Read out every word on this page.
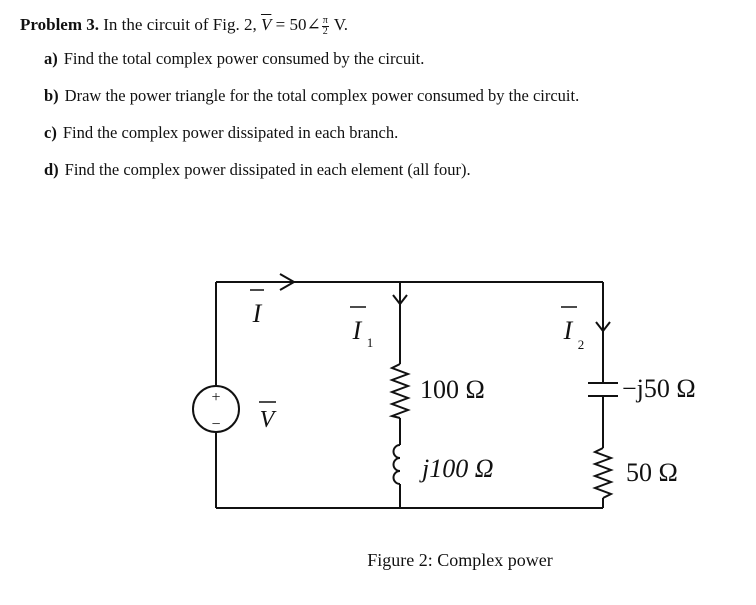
Problem 3. In the circuit of Fig. 2, $\overline{V}$ = 50∠ $\frac{\pi}{2} V$.
a) Find the total complex power consumed by the circuit.
b) Draw the power triangle for the total complex power consumed by the circuit.
c) Find the complex power dissipated in each branch.
d) Find the complex power dissipated in each element (all four).
+
−
I
I 1	I 2
V
100 Ω
j100 Ω
−j50 Ω
50 Ω
Figure 2: Complex power
